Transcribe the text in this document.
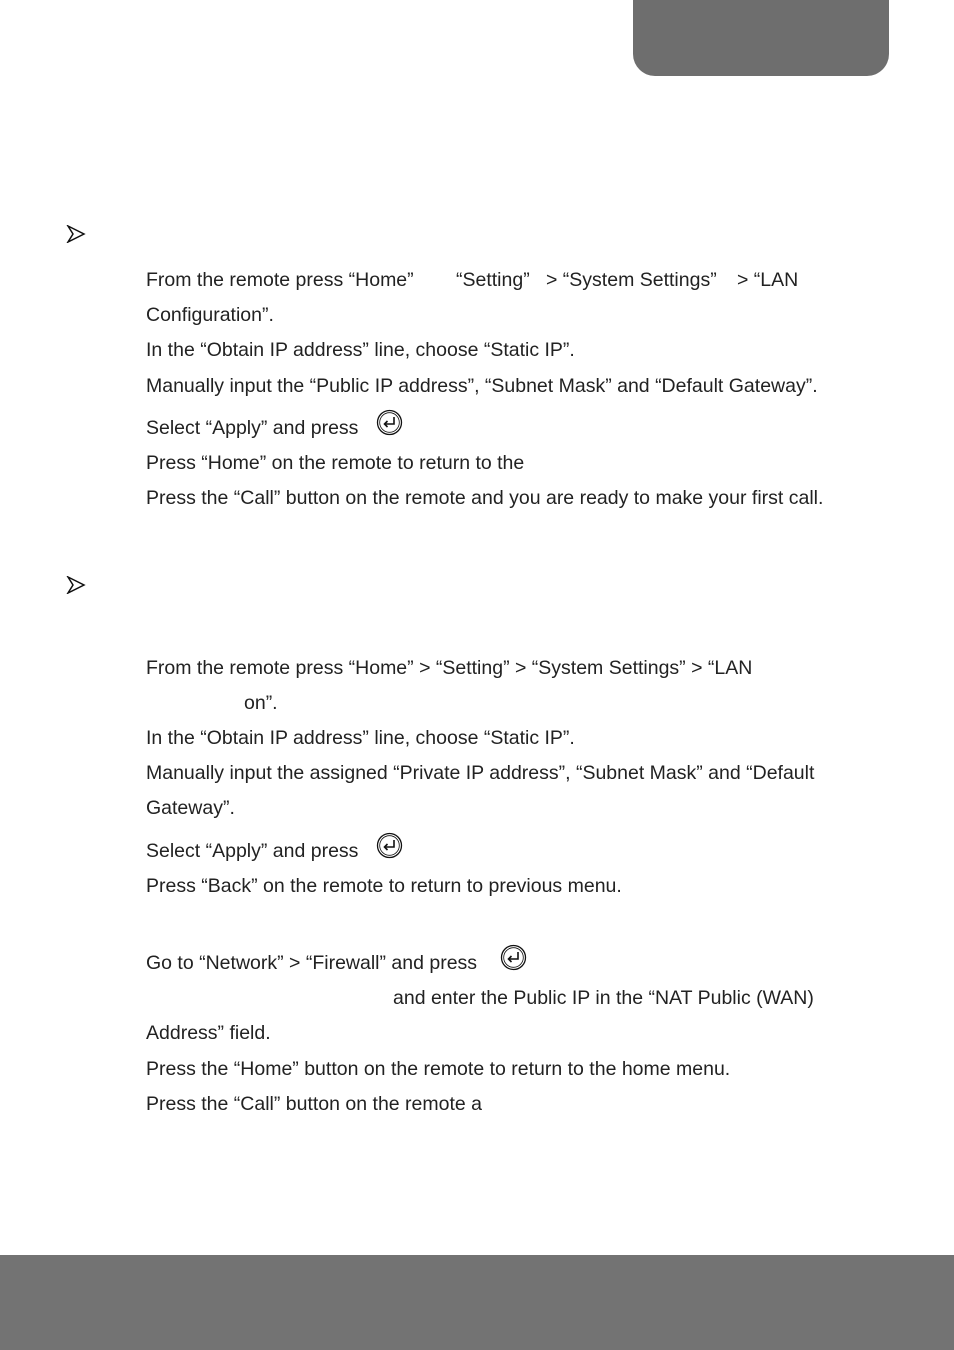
From the remote press “Home” “Setting” > “System Settings” > “LAN
Configuration”.
In the “Obtain IP address” line, choose “Static IP”.
Manually input the “Public IP address”, “Subnet Mask” and “Default Gateway”.
Select “Apply” and press
Press “Home” on the remote to return to the
Press the “Call” button on the remote and you are ready to make your first call.
From the remote press “Home” > “Setting” > “System Settings” > “LAN
on”.
In the “Obtain IP address” line, choose “Static IP”.
Manually input the assigned “Private IP address”, “Subnet Mask” and “Default
Gateway”.
Select “Apply” and press
Press “Back” on the remote to return to previous menu.
Go to “Network” > “Firewall” and press
and enter the Public IP in the “NAT Public (WAN)
Address” field.
Press the “Home” button on the remote to return to the home menu.
Press the “Call” button on the remote a
